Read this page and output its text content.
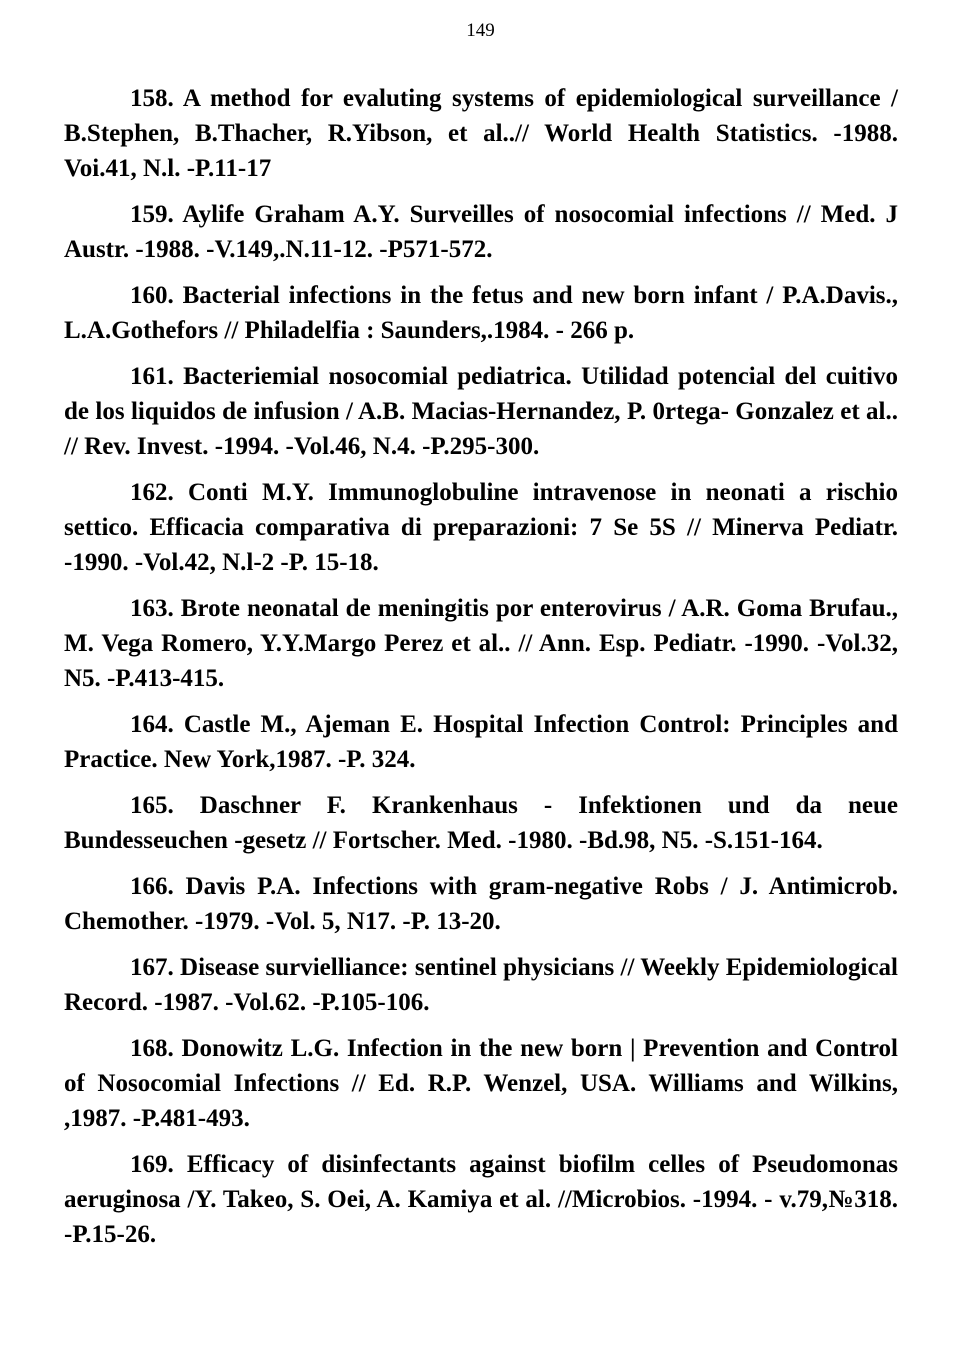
149

158. A method for evaluting systems of epidemiological surveillance / B.Stephen, B.Thacher, R.Yibson, et al..// World Health Statistics. -1988. Voi.41, N.l. -P.11-17

159. Aylife Graham A.Y. Surveilles of nosocomial infections // Med. J Austr. -1988. -V.149,.N.11-12. -P571-572.

160. Bacterial infections in the fetus and new born infant / P.A.Davis., L.A.Gothefors // Philadelfia : Saunders,.1984. - 266 p.

161. Bacteriemial nosocomial pediatrica. Utilidad potencial del cuitivo de los liquidos de infusion / A.B. Macias-Hernandez, P. 0rtega- Gonzalez et al.. // Rev. Invest. -1994. -Vol.46, N.4. -P.295-300.

162. Conti M.Y. Immunoglobuline intravenose in neonati a rischio settico. Efficacia comparativa di preparazioni: 7 Se 5S // Minerva Pediatr. -1990. -Vol.42, N.l-2 -P. 15-18.

163. Brote neonatal de meningitis por enterovirus / A.R. Goma Brufau., M. Vega Romero, Y.Y.Margo Perez et al.. // Ann. Esp. Pediatr. -1990. -Vol.32, N5. -P.413-415.

164. Castle M., Ajeman E. Hospital Infection Control: Principles and Practice. New York,1987. -P. 324.

165. Daschner F. Krankenhaus - Infektionen und da neue Bundesseuchen -gesetz // Fortscher. Med. -1980. -Bd.98, N5. -S.151-164.

166. Davis P.A. Infections with gram-negative Robs / J. Antimicrob. Chemother. -1979. -Vol. 5, N17. -P. 13-20.

167. Disease survielliance: sentinel physicians // Weekly Epidemiological Record. -1987. -Vol.62. -P.105-106.

168. Donowitz L.G. Infection in the new born | Prevention and Control of Nosocomial Infections // Ed. R.P. Wenzel, USA. Williams and Wilkins, ,1987. -P.481-493.

169. Efficacy of disinfectants against biofilm celles of Pseudomonas aeruginosa /Y. Takeo, S. Oei, A. Kamiya et al. //Microbios. -1994. - v.79,№318. -P.15-26.
